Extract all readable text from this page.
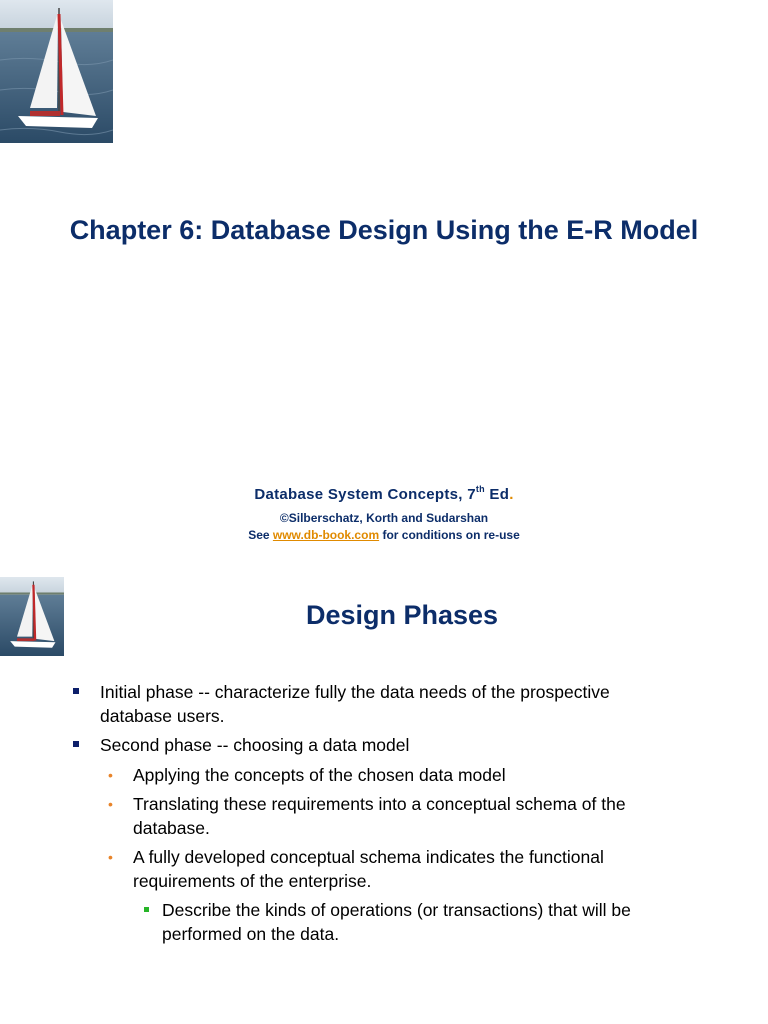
Chapter 6: Database Design Using the E-R Model
Database System Concepts, 7th Ed.
©Silberschatz, Korth and Sudarshan
See www.db-book.com for conditions on re-use
Design Phases
Initial phase -- characterize fully the data needs of the prospective
database users.
Second phase -- choosing a data model
• Applying the concepts of the chosen data model
• Translating these requirements into a conceptual schema of the
database.
• A fully developed conceptual schema indicates the functional
requirements of the enterprise.
Describe the kinds of operations (or transactions) that will be
performed on the data.
